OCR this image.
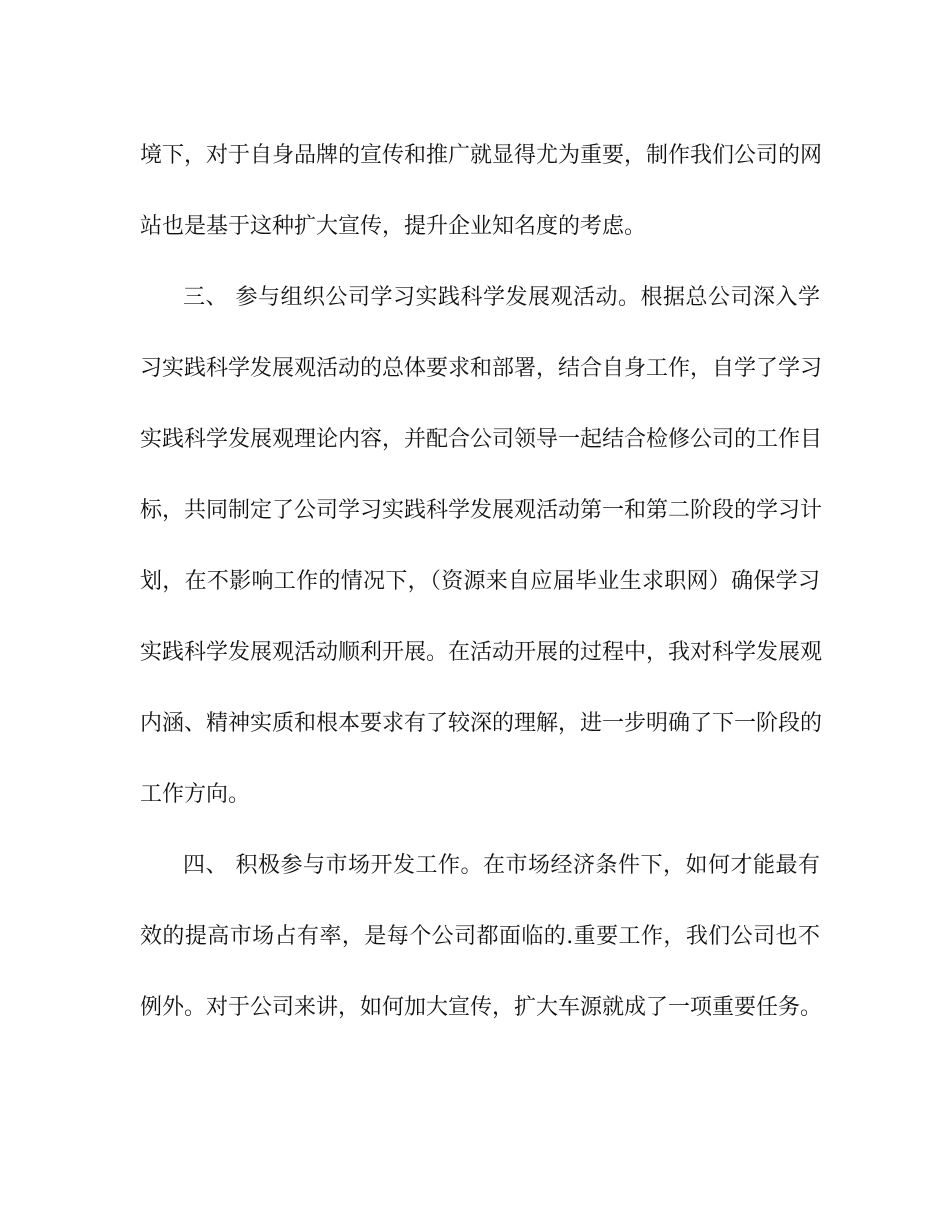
境下，对于自身品牌的宣传和推广就显得尤为重要，制作我们公司的网

站也是基于这种扩大宣传，提升企业知名度的考虑。

三、 参与组织公司学习实践科学发展观活动。根据总公司深入学

习实践科学发展观活动的总体要求和部署，结合自身工作，自学了学习

实践科学发展观理论内容，并配合公司领导一起结合检修公司的工作目

标，共同制定了公司学习实践科学发展观活动第一和第二阶段的学习计

划，在不影响工作的情况下，（资源来自应届毕业生求职网）确保学习

实践科学发展观活动顺利开展。在活动开展的过程中，我对科学发展观

内涵、精神实质和根本要求有了较深的理解，进一步明确了下一阶段的

工作方向。

四、 积极参与市场开发工作。在市场经济条件下，如何才能最有

效的提高市场占有率，是每个公司都面临的.重要工作，我们公司也不

例外。对于公司来讲，如何加大宣传，扩大车源就成了一项重要任务。
